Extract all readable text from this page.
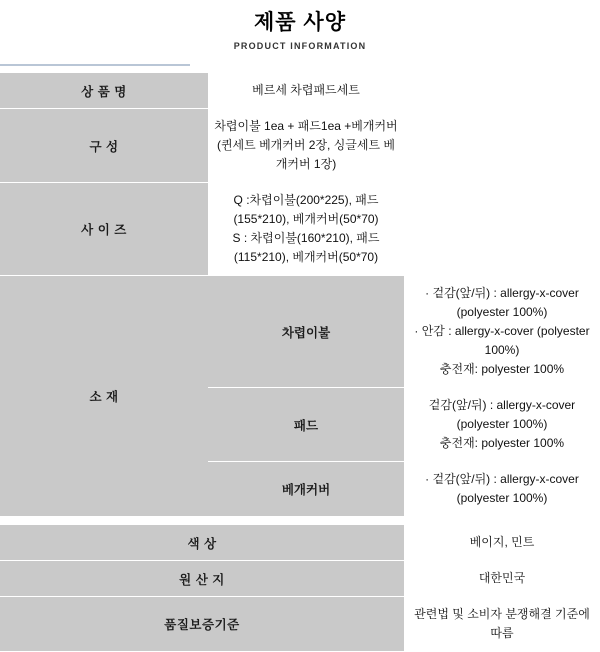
제품 사양
PRODUCT INFORMATION
상 품 명	베르세 차렵패드세트	

구 성	차렵이불 1ea + 패드1ea +베개커버
(퀸세트 베개커버 2장, 싱글세트 베개커버 1장)	

사 이 즈	Q :차렵이불(200*225), 패드(155*210), 베개커버(50*70)
S : 차렵이불(160*210), 패드(115*210), 베개커버(50*70)	

소 재	차렵이불	· 겉감(앞/뒤) : allergy-x-cover (polyester 100%)
· 안감 : allergy-x-cover (polyester 100%)
충전재: polyester 100%

	패드	겉감(앞/뒤) : allergy-x-cover (polyester 100%)
충전재: polyester 100%

	베개커버	· 겉감(앞/뒤) : allergy-x-cover (polyester 100%)

색 상		베이지, 민트

원 산 지		대한민국

품질보증기준		관련법 및 소비자 분쟁해결 기준에 따름
